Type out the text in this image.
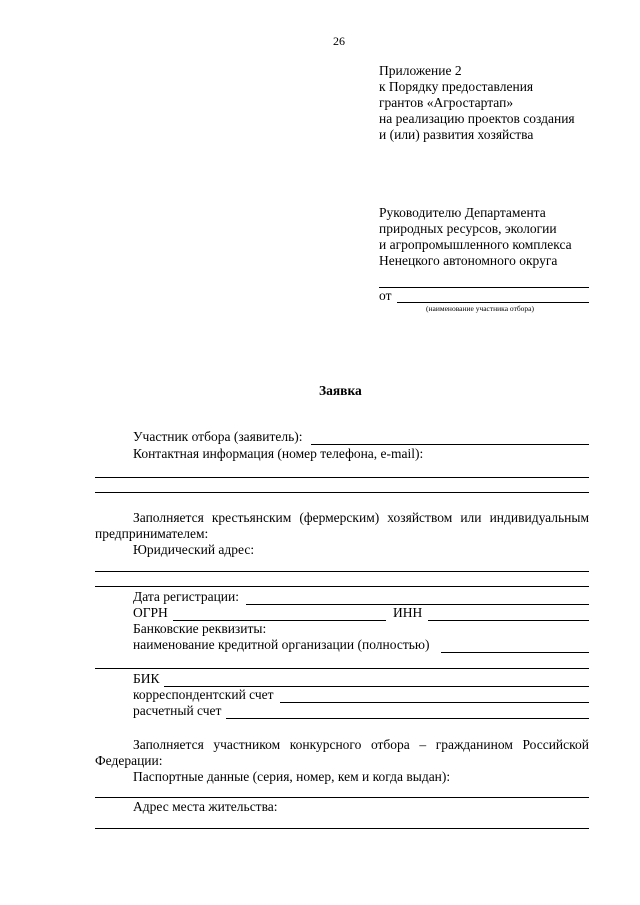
26
Приложение 2
к Порядку предоставления
грантов «Агростартап»
на реализацию проектов создания
и (или) развития хозяйства
Руководителю Департамента
природных ресурсов, экологии
и агропромышленного комплекса
Ненецкого автономного округа
от
(наименование участника отбора)
Заявка
Участник отбора (заявитель):
Контактная информация (номер телефона, e-mail):
Заполняется крестьянским (фермерским) хозяйством или индивидуальным
предпринимателем:
Юридический адрес:
Дата регистрации:
ОГРН	ИНН
Банковские реквизиты:
наименование кредитной организации (полностью)
БИК
корреспондентский счет
расчетный счет
Заполняется участником конкурсного отбора – гражданином Российской
Федерации:
Паспортные данные (серия, номер, кем и когда выдан):
Адрес места жительства:
